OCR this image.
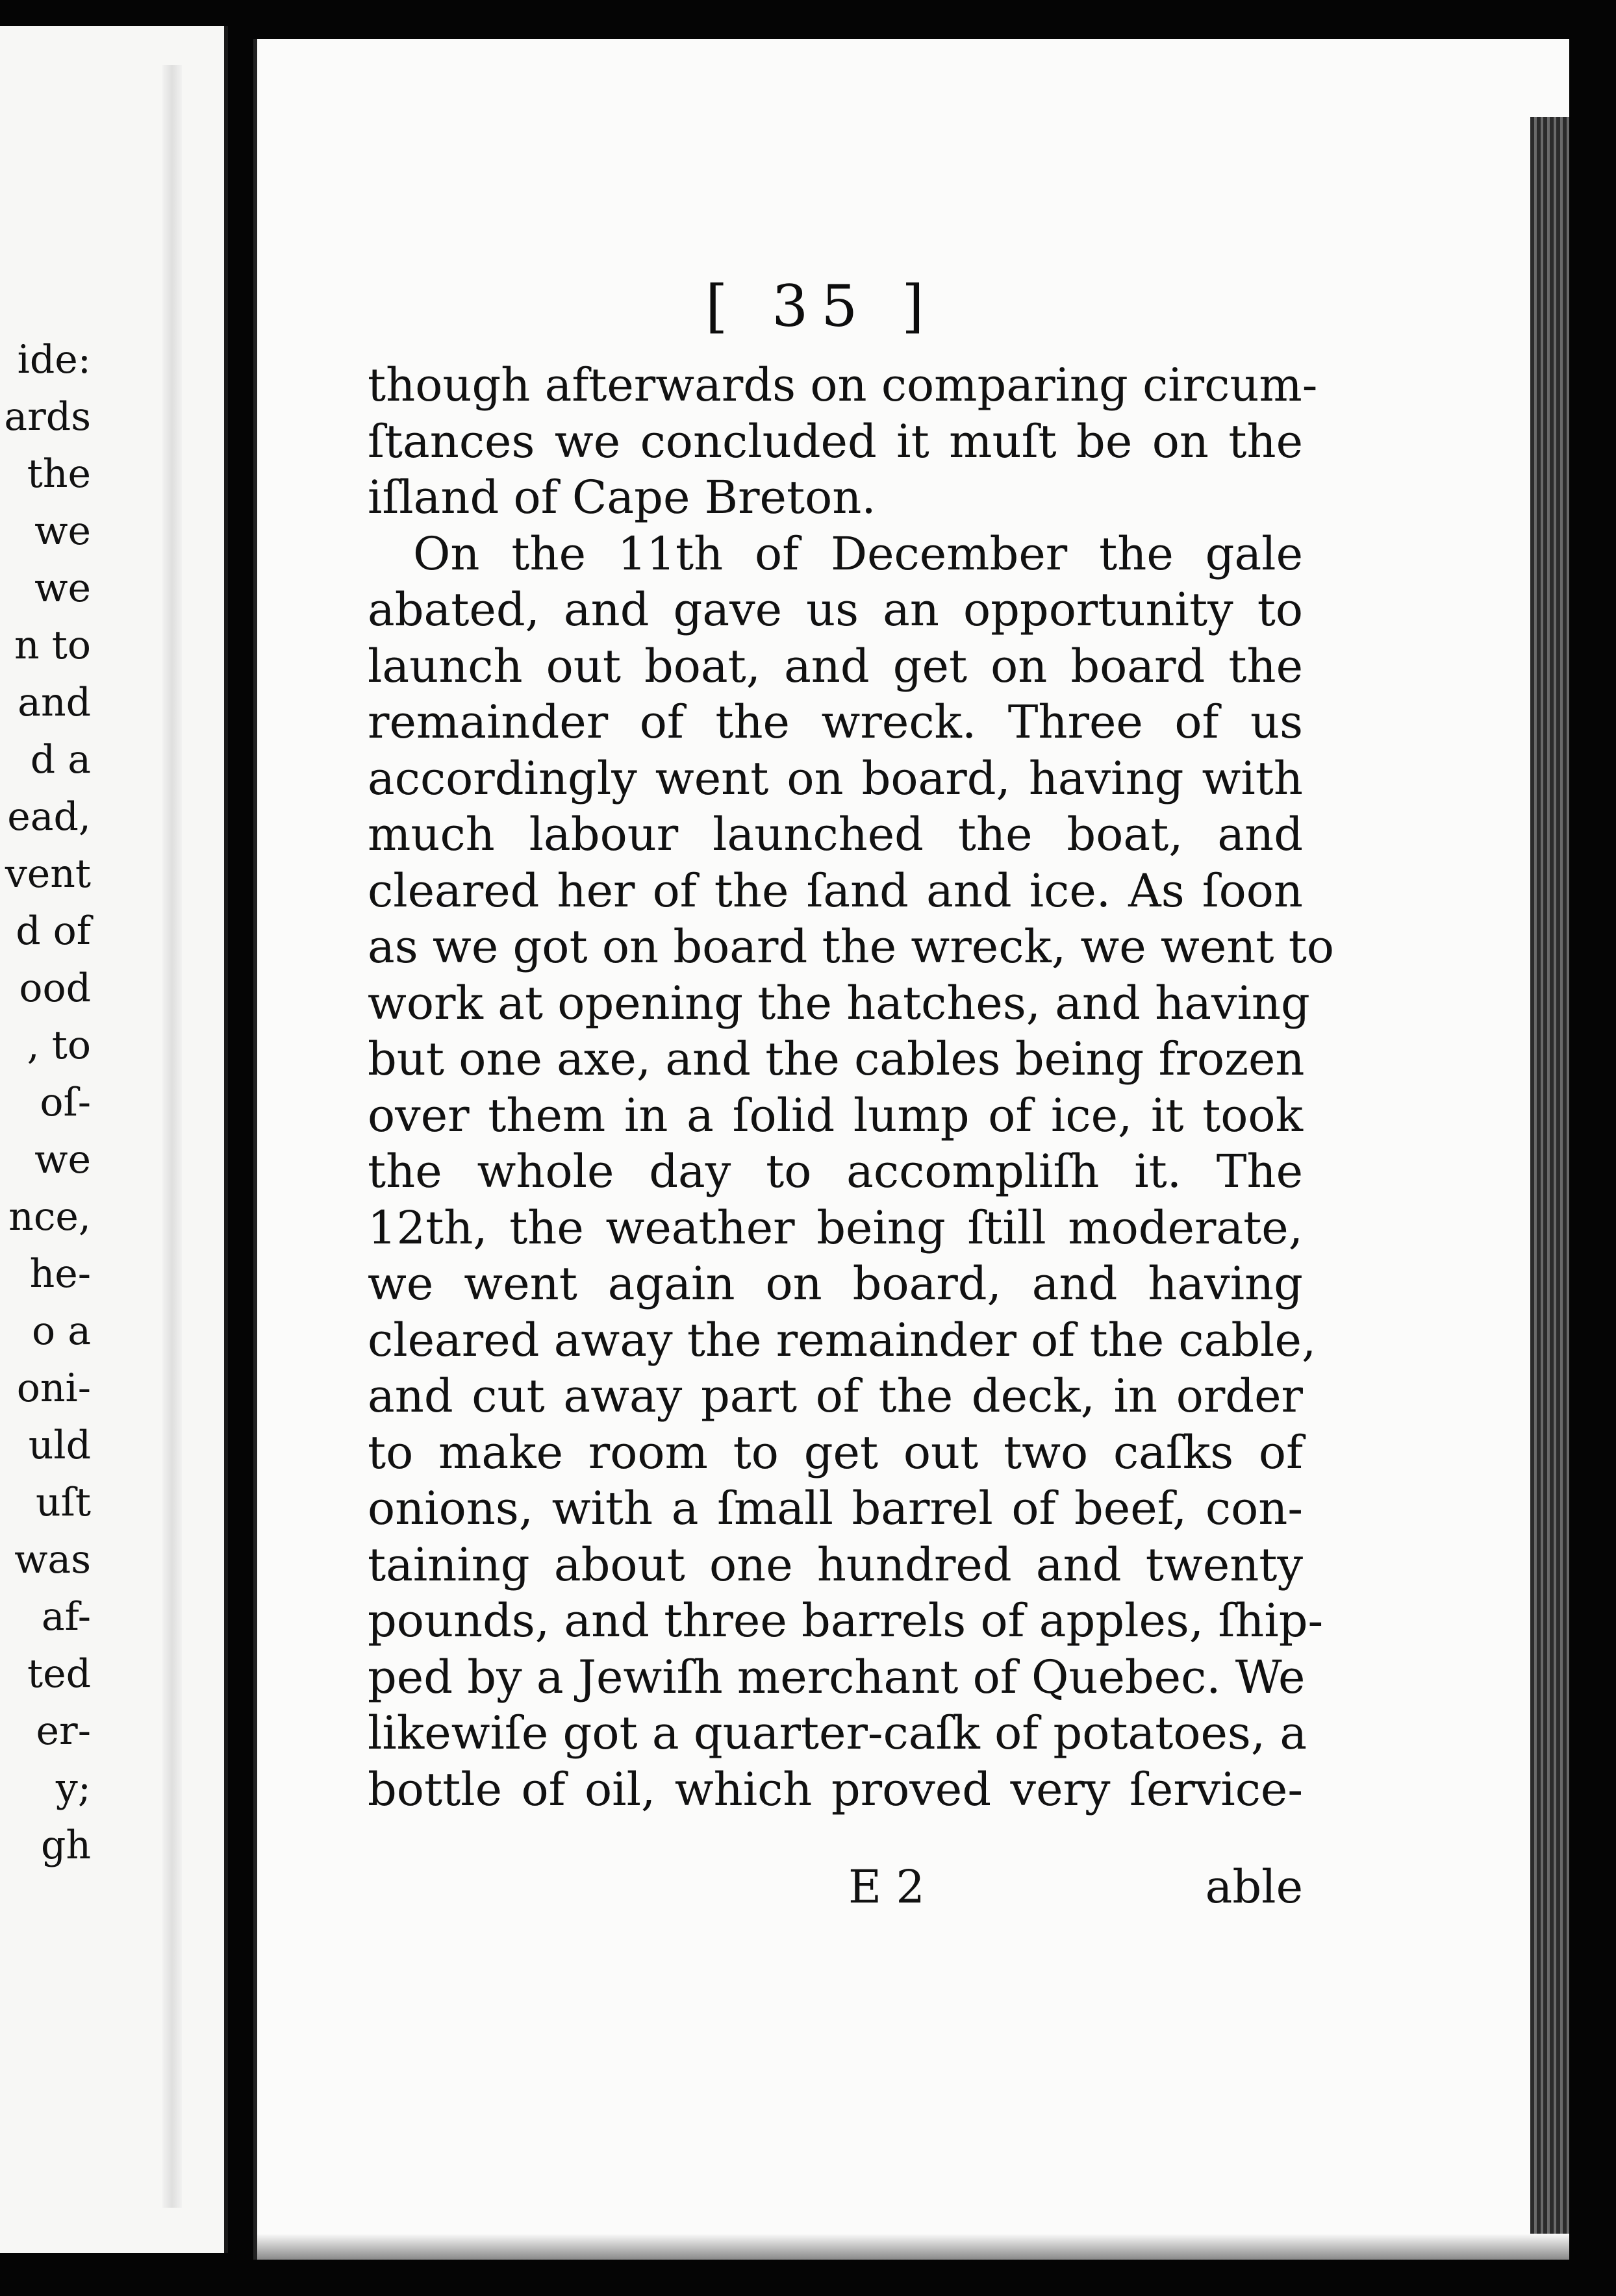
ide:
ards
the
we
we
n to
and
d a
ead,
vent
d of
ood
, to
oſ-
we
nce,
he-
o a
oni-
uld
uſt
was
af-
ted
er-
y;
gh
[ 35 ]
though afterwards on comparing circum-
ſtances we concluded it muſt be on the
iſland of Cape Breton.
On the 11th of December the gale
abated, and gave us an opportunity to
launch out boat, and get on board the
remainder of the wreck. Three of us
accordingly went on board, having with
much labour launched the boat, and
cleared her of the ſand and ice. As ſoon
as we got on board the wreck, we went to
work at opening the hatches, and having
but one axe, and the cables being frozen
over them in a ſolid lump of ice, it took
the whole day to accompliſh it. The
12th, the weather being ſtill moderate,
we went again on board, and having
cleared away the remainder of the cable,
and cut away part of the deck, in order
to make room to get out two caſks of
onions, with a ſmall barrel of beef, con-
taining about one hundred and twenty
pounds, and three barrels of apples, ſhip-
ped by a Jewiſh merchant of Quebec. We
likewiſe got a quarter-caſk of potatoes, a
bottle of oil, which proved very ſervice-
E 2	able
